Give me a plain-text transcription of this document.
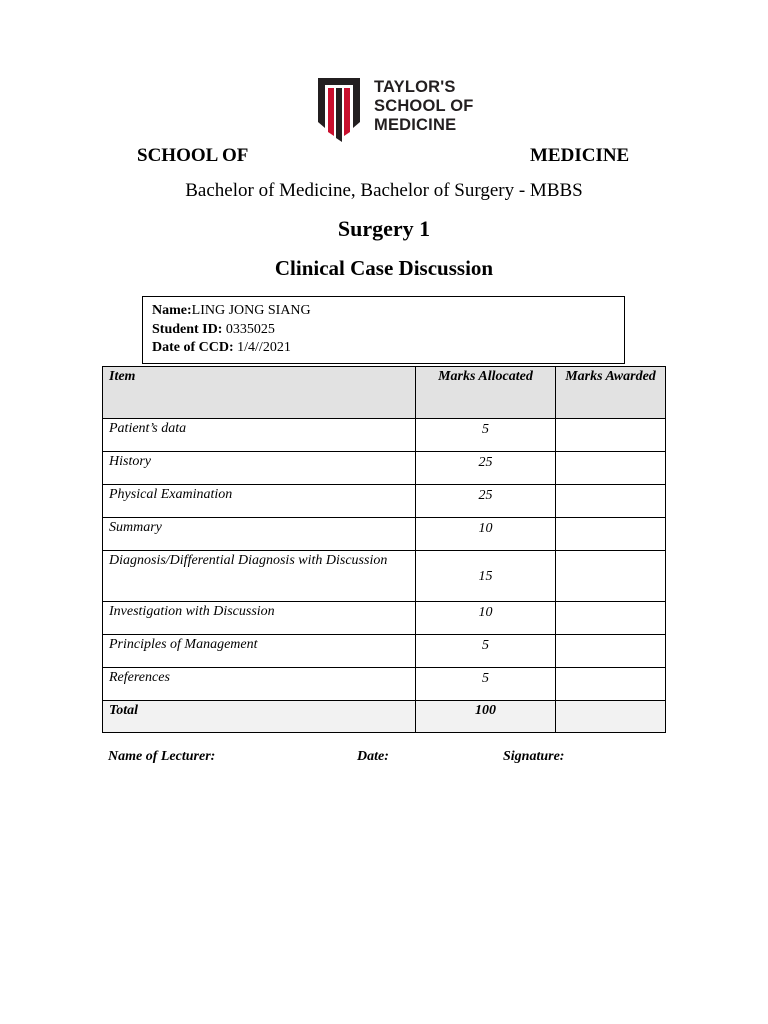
TAYLOR'S
SCHOOL OF
MEDICINE
SCHOOL OF	MEDICINE
Bachelor of Medicine, Bachelor of Surgery - MBBS
Surgery 1
Clinical Case Discussion
Name:LING JONG SIANG
Student ID: 0335025
Date of CCD: 1/4//2021
Item	Marks Allocated	Marks Awarded
Patient’s data	5	
History	25	
Physical Examination	25	
Summary	10	
Diagnosis/Differential Diagnosis with Discussion	15	
Investigation with Discussion	10	
Principles of Management	5	
References	5	
Total	100	
Name of Lecturer:	Date:	Signature:
